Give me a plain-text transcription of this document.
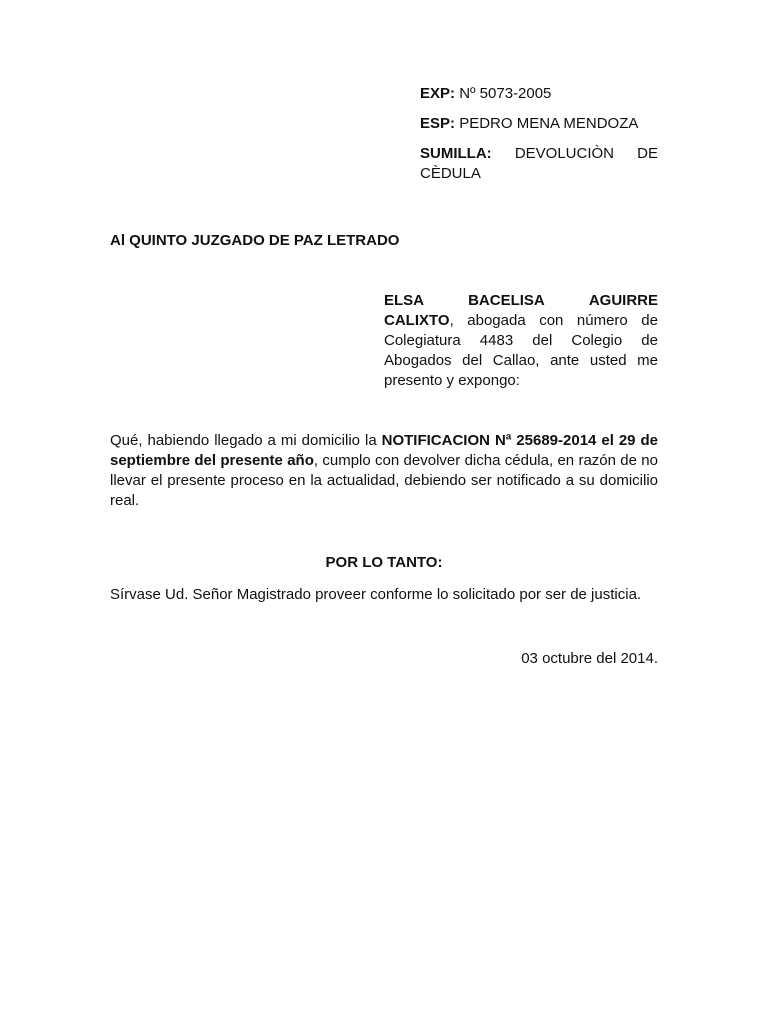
EXP: Nº 5073-2005

ESP: PEDRO MENA MENDOZA

SUMILLA: DEVOLUCIÒN DE
CÈDULA

Al QUINTO JUZGADO DE PAZ LETRADO

ELSA	BACELISA	AGUIRRE
CALIXTO, abogada con número de Colegiatura 4483 del Colegio de Abogados del Callao, ante usted me presento y expongo:

Qué, habiendo llegado a mi domicilio la NOTIFICACION Nª 25689-2014 el 29 de septiembre del presente año, cumplo con devolver dicha cédula, en razón de no llevar el presente proceso en la actualidad, debiendo ser notificado a su domicilio real.

POR LO TANTO:

Sírvase Ud. Señor Magistrado proveer conforme lo solicitado por ser de justicia.

03 octubre del 2014.
